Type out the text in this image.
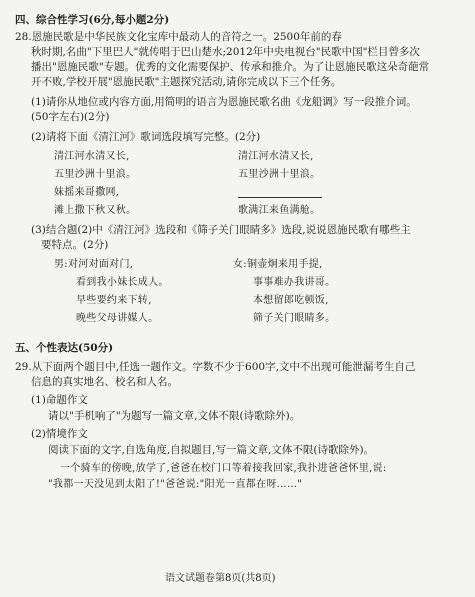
四、综合性学习(6分,每小题2分)
28.恩施民歌是中华民族文化宝库中最动人的音符之一。2500年前的春
秋时期,名曲"下里巴人"就传唱于巴山楚水;2012年中央电视台"民歌中国"栏目曾多次
播出"恩施民歌"专题。优秀的文化需要保护、传承和推介。为了让恩施民歌这朵奇葩常
开不败,学校开展"恩施民歌"主题探究活动,请你完成以下三个任务。
(1)请你从地位或内容方面,用简明的语言为恩施民歌名曲《龙船调》写一段推介词。
(50字左右)(2分)
(2)请将下面《清江河》歌词选段填写完整。(2分)
清江河水清又长,
五里沙洲十里浪。
妹摇来哥撒网,
滩上撒下秋又秋。
清江河水清又长,
五里沙洲十里浪。
歌满江来鱼满舱。
(3)结合题(2)中《清江河》选段和《筛子关门眼睛多》选段,说说恩施民歌有哪些主
要特点。(2分)
男:对河对面对门,
看到我小妹长成人。
早些要约来下转,
晚些父母讲媒人。
女:铜壶炯来用手提,
事事难办我讲哥。
本想留郎吃顿饭,
筛子关门眼睛多。
五、个性表达(50分)
29.从下面两个题目中,任选一题作文。字数不少于600字,文中不出现可能泄漏考生自己
信息的真实地名、校名和人名。
(1)命题作文
请以"手机响了"为题写一篇文章,文体不限(诗歌除外)。
(2)情境作文
阅读下面的文字,自选角度,自拟题目,写一篇文章,文体不限(诗歌除外)。
一个骑车的傍晚,放学了,爸爸在校门口等着接我回家,我扑进爸爸怀里,说:
"我都一天没见到太阳了!"爸爸说:"阳光一直都在呀……"
语文试题卷第8页(共8页)
